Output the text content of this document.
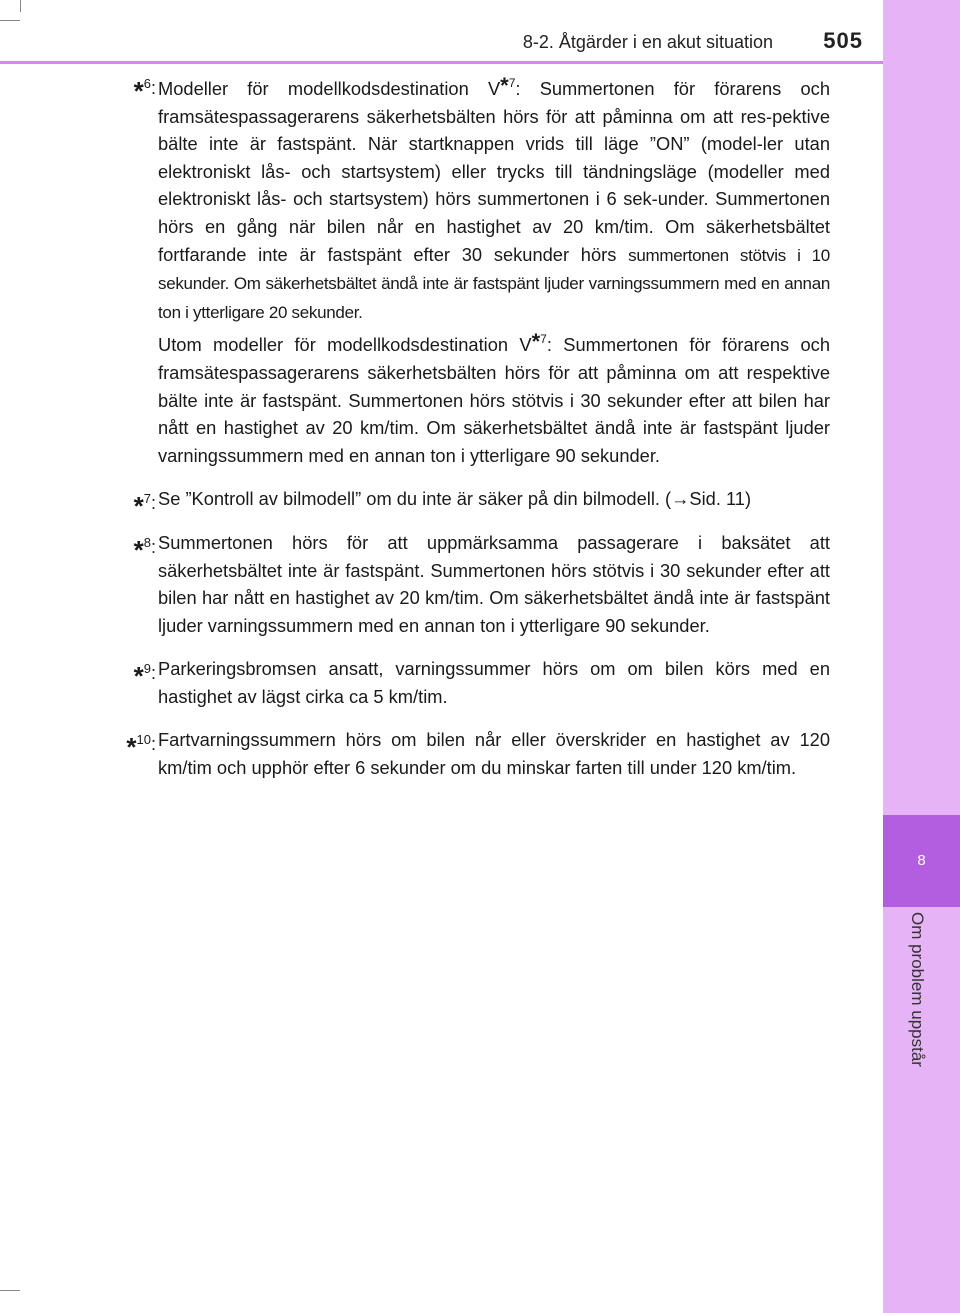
8
Om problem uppstår
8-2. Åtgärder i en akut situation 505
*$^6$: Modeller för modellkodsdestination V*$^7$: Summertonen för förarens och framsätespassagerarens säkerhetsbälten hörs för att påminna om att res-pektive bälte inte är fastspänt. När startknappen vrids till läge ”ON” (model-ler utan elektroniskt lås- och startsystem) eller trycks till tändningsläge (modeller med elektroniskt lås- och startsystem) hörs summertonen i 6 sek-under. Summertonen hörs en gång när bilen når en hastighet av 20 km/tim. Om säkerhetsbältet fortfarande inte är fastspänt efter 30 sekunder hörs summertonen stötvis i 10 sekunder. Om säkerhetsbältet ändå inte är fastspänt ljuder varningssummern med en annan ton i ytterligare 20 sekunder.

Utom modeller för modellkodsdestination V*$^7$: Summertonen för förarens och framsätespassagerarens säkerhetsbälten hörs för att påminna om att respektive bälte inte är fastspänt. Summertonen hörs stötvis i 30 sekunder efter att bilen har nått en hastighet av 20 km/tim. Om säkerhetsbältet ändå inte är fastspänt ljuder varningssummern med en annan ton i ytterligare 90 sekunder.

*$^7$: Se ”Kontroll av bilmodell” om du inte är säker på din bilmodell. (→Sid. 11)

*$^8$: Summertonen hörs för att uppmärksamma passagerare i baksätet att säkerhetsbältet inte är fastspänt. Summertonen hörs stötvis i 30 sekunder efter att bilen har nått en hastighet av 20 km/tim. Om säkerhetsbältet ändå inte är fastspänt ljuder varningssummern med en annan ton i ytterligare 90 sekunder.

*$^9$: Parkeringsbromsen ansatt, varningssummer hörs om om bilen körs med en hastighet av lägst cirka ca 5 km/tim.

*$^{10}$: Fartvarningssummern hörs om bilen når eller överskrider en hastighet av 120 km/tim och upphör efter 6 sekunder om du minskar farten till under 120 km/tim.
